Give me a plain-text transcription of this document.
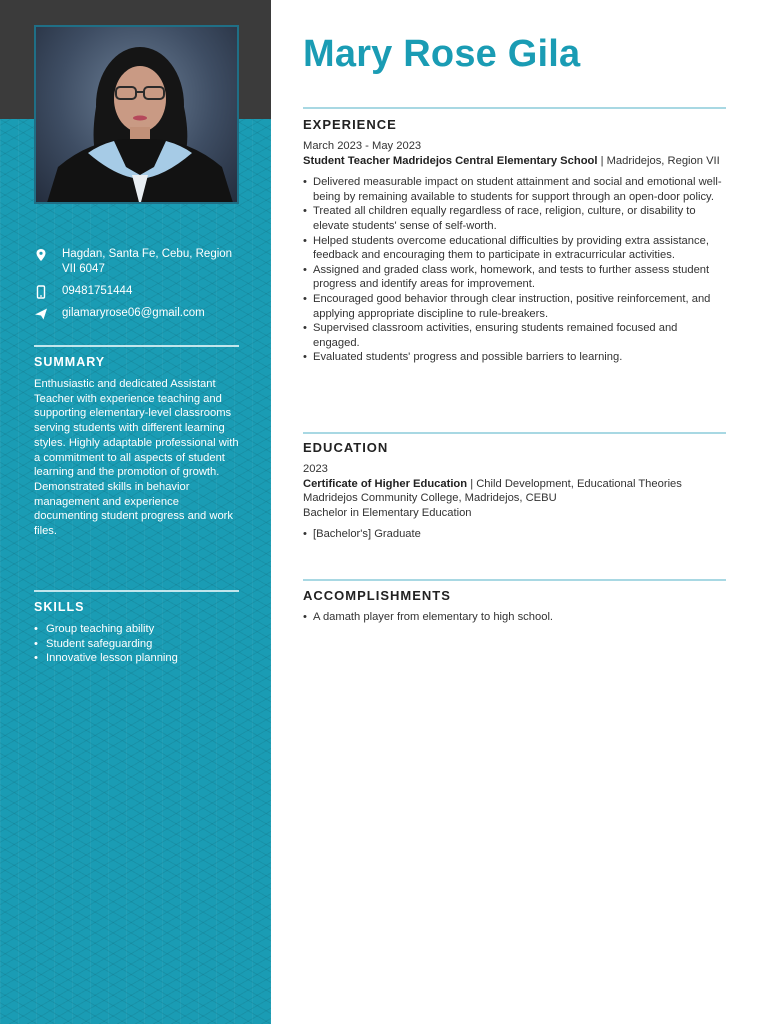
Hagdan, Santa Fe, Cebu, Region VII 6047
09481751444
gilamaryrose06@gmail.com
SUMMARY
Enthusiastic and dedicated Assistant Teacher with experience teaching and supporting elementary-level classrooms serving students with different learning styles. Highly adaptable professional with a commitment to all aspects of student learning and the promotion of growth. Demonstrated skills in behavior management and experience documenting student progress and work files.
SKILLS
• Group teaching ability
• Student safeguarding
• Innovative lesson planning
Mary Rose Gila
EXPERIENCE
March 2023 - May 2023
Student Teacher Madridejos Central Elementary School | Madridejos, Region VII
• Delivered measurable impact on student attainment and social and emotional well-being by remaining available to students for support through an open-door policy.
• Treated all children equally regardless of race, religion, culture, or disability to elevate students' sense of self-worth.
• Helped students overcome educational difficulties by providing extra assistance, feedback and encouraging them to participate in extracurricular activities.
• Assigned and graded class work, homework, and tests to further assess student progress and identify areas for improvement.
• Encouraged good behavior through clear instruction, positive reinforcement, and applying appropriate discipline to rule-breakers.
• Supervised classroom activities, ensuring students remained focused and engaged.
• Evaluated students' progress and possible barriers to learning.
EDUCATION
2023
Certificate of Higher Education | Child Development, Educational Theories
Madridejos Community College, Madridejos, CEBU
Bachelor in Elementary Education
• [Bachelor's] Graduate
ACCOMPLISHMENTS
• A damath player from elementary to high school.
